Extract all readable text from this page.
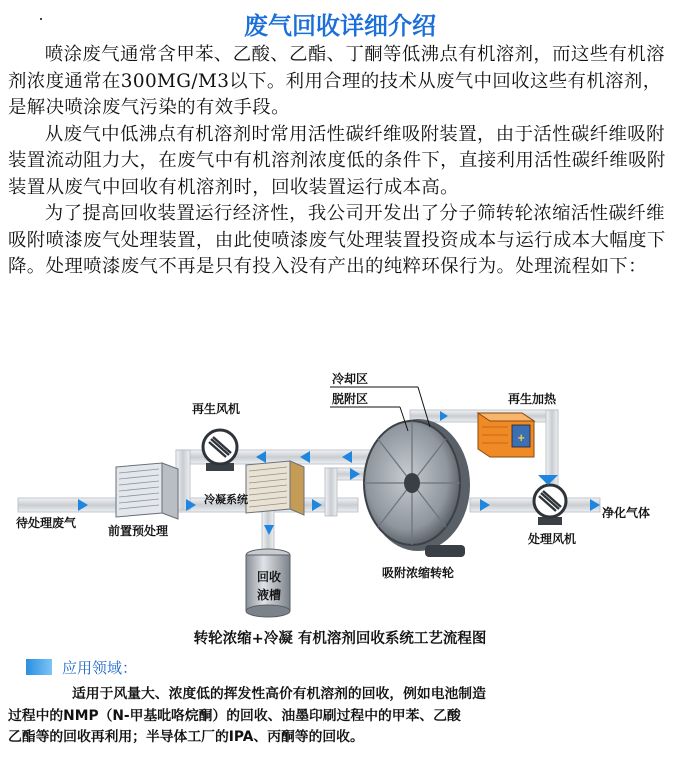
废气回收详细介绍

喷涂废气通常含甲苯、乙酸、乙酯、丁酮等低沸点有机溶剂，而这些有机溶剂浓度通常在300MG/M3以下。利用合理的技术从废气中回收这些有机溶剂，是解决喷涂废气污染的有效手段。

从废气中低沸点有机溶剂时常用活性碳纤维吸附装置，由于活性碳纤维吸附装置流动阻力大，在废气中有机溶剂浓度低的条件下，直接利用活性碳纤维吸附装置从废气中回收有机溶剂时，回收装置运行成本高。

为了提高回收装置运行经济性，我公司开发出了分子筛转轮浓缩活性碳纤维吸附喷漆废气处理装置，由此使喷漆废气处理装置投资成本与运行成本大幅度下降。处理喷漆废气不再是只有投入没有产出的纯粹环保行为。处理流程如下：

+
回收
液槽
冷却区
脱附区
再生风机
再生加热
待处理废气
前置预处理
冷凝系统
净化气体
处理风机
吸附浓缩转轮
转轮浓缩+冷凝 有机溶剂回收系统工艺流程图
应用领域：
适用于风量大、浓度低的挥发性高价有机溶剂的回收，例如电池制造
过程中的NMP（N-甲基吡咯烷酮）的回收、油墨印刷过程中的甲苯、乙酸
乙酯等的回收再利用；半导体工厂的IPA、丙酮等的回收。
